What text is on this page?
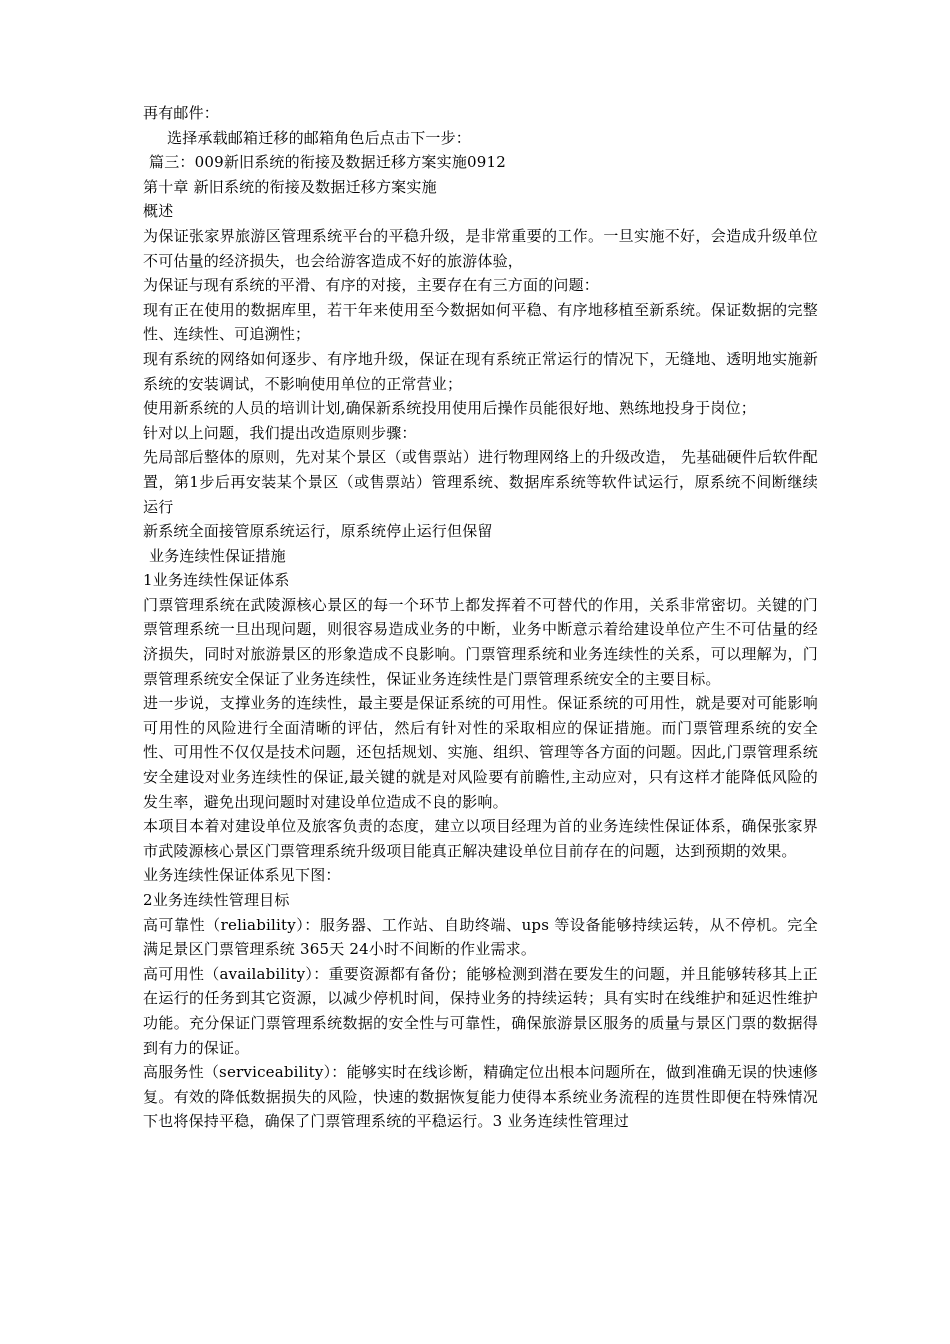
再有邮件：

选择承载邮箱迁移的邮箱角色后点击下一步：

篇三：009新旧系统的衔接及数据迁移方案实施0912

第十章 新旧系统的衔接及数据迁移方案实施

概述

为保证张家界旅游区管理系统平台的平稳升级，是非常重要的工作。一旦实施不好，会造成升级单位不可估量的经济损失，也会给游客造成不好的旅游体验，

为保证与现有系统的平滑、有序的对接，主要存在有三方面的问题：

现有正在使用的数据库里，若干年来使用至今数据如何平稳、有序地移植至新系统。保证数据的完整性、连续性、可追溯性；

现有系统的网络如何逐步、有序地升级，保证在现有系统正常运行的情况下，无缝地、透明地实施新系统的安装调试，不影响使用单位的正常营业；

使用新系统的人员的培训计划,确保新系统投用使用后操作员能很好地、熟练地投身于岗位；

针对以上问题，我们提出改造原则步骤：

先局部后整体的原则，先对某个景区（或售票站）进行物理网络上的升级改造， 先基础硬件后软件配置，第1步后再安装某个景区（或售票站）管理系统、数据库系统等软件试运行，原系统不间断继续运行

新系统全面接管原系统运行，原系统停止运行但保留

业务连续性保证措施

1业务连续性保证体系

门票管理系统在武陵源核心景区的每一个环节上都发挥着不可替代的作用，关系非常密切。关键的门票管理系统一旦出现问题，则很容易造成业务的中断，业务中断意示着给建设单位产生不可估量的经济损失，同时对旅游景区的形象造成不良影响。门票管理系统和业务连续性的关系，可以理解为，门票管理系统安全保证了业务连续性，保证业务连续性是门票管理系统安全的主要目标。

进一步说，支撑业务的连续性，最主要是保证系统的可用性。保证系统的可用性，就是要对可能影响可用性的风险进行全面清晰的评估，然后有针对性的采取相应的保证措施。而门票管理系统的安全性、可用性不仅仅是技术问题，还包括规划、实施、组织、管理等各方面的问题。因此,门票管理系统安全建设对业务连续性的保证,最关键的就是对风险要有前瞻性,主动应对，只有这样才能降低风险的发生率，避免出现问题时对建设单位造成不良的影响。

本项目本着对建设单位及旅客负责的态度，建立以项目经理为首的业务连续性保证体系，确保张家界市武陵源核心景区门票管理系统升级项目能真正解决建设单位目前存在的问题，达到预期的效果。

业务连续性保证体系见下图：

2业务连续性管理目标

高可靠性（reliability）：服务器、工作站、自助终端、ups 等设备能够持续运转，从不停机。完全满足景区门票管理系统 365天 24小时不间断的作业需求。

高可用性（availability）：重要资源都有备份；能够检测到潜在要发生的问题，并且能够转移其上正在运行的任务到其它资源，以减少停机时间，保持业务的持续运转；具有实时在线维护和延迟性维护功能。充分保证门票管理系统数据的安全性与可靠性，确保旅游景区服务的质量与景区门票的数据得到有力的保证。

高服务性（serviceability）：能够实时在线诊断，精确定位出根本问题所在，做到准确无误的快速修复。有效的降低数据损失的风险，快速的数据恢复能力使得本系统业务流程的连贯性即便在特殊情况下也将保持平稳，确保了门票管理系统的平稳运行。3 业务连续性管理过
